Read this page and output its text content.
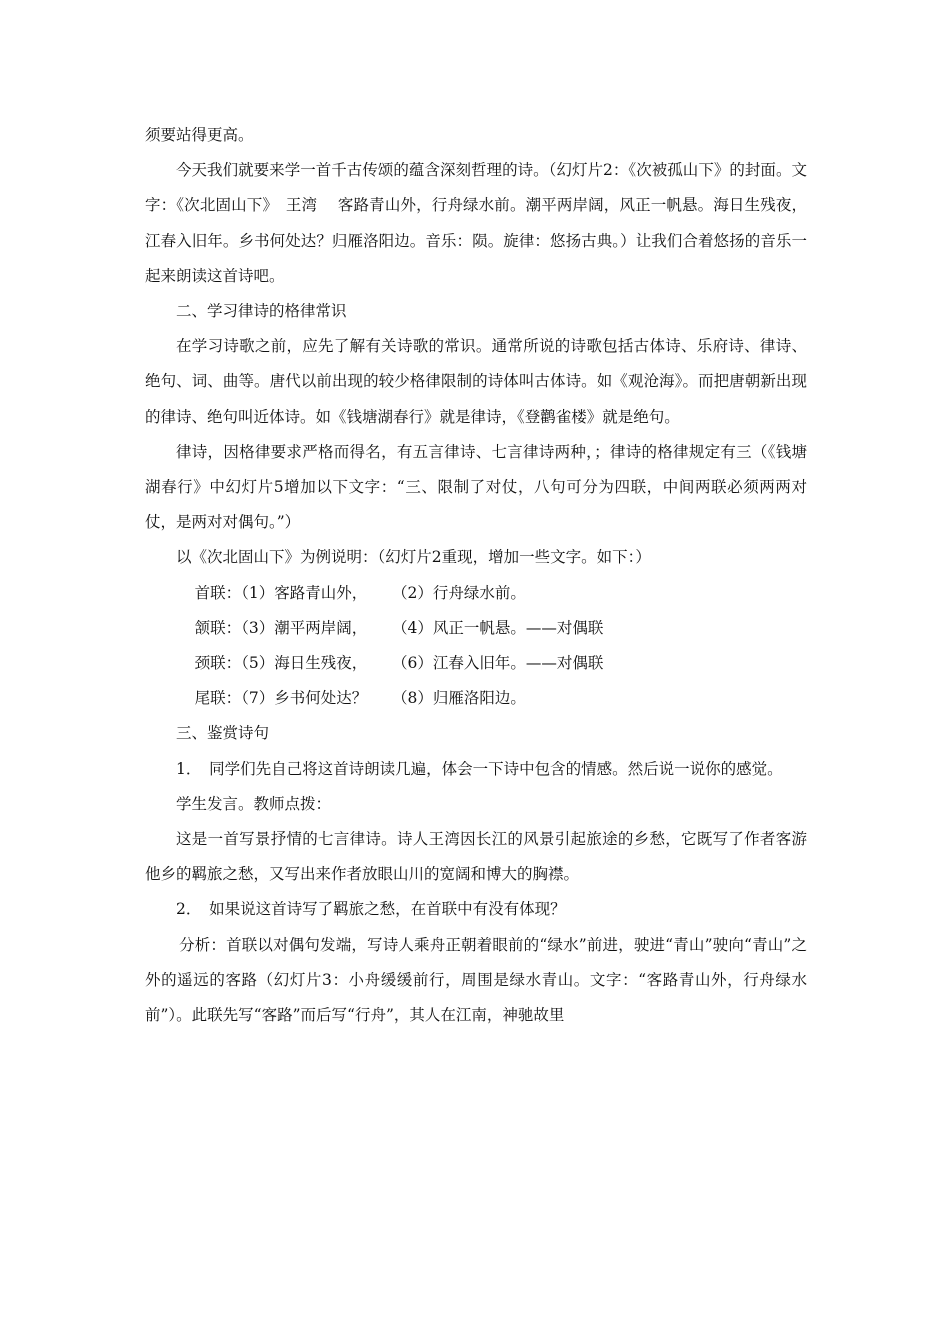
须要站得更高。

今天我们就要来学一首千古传颂的蕴含深刻哲理的诗。（幻灯片2：《次被孤山下》的封面。文字：《次北固山下》　王湾　 客路青山外，行舟绿水前。潮平两岸阔，风正一帆悬。海日生残夜，江春入旧年。乡书何处达？归雁洛阳边。音乐：陨。旋律：悠扬古典。）让我们合着悠扬的音乐一起来朗读这首诗吧。

二、学习律诗的格律常识

在学习诗歌之前，应先了解有关诗歌的常识。通常所说的诗歌包括古体诗、乐府诗、律诗、绝句、词、曲等。唐代以前出现的较少格律限制的诗体叫古体诗。如《观沧海》。而把唐朝新出现的律诗、绝句叫近体诗。如《钱塘湖春行》就是律诗，《登鹳雀楼》就是绝句。

律诗，因格律要求严格而得名，有五言律诗、七言律诗两种，；律诗的格律规定有三（《钱塘湖春行》中幻灯片5增加以下文字：“三、限制了对仗，八句可分为四联，中间两联必须两两对仗，是两对对偶句。”）

以《次北固山下》为例说明：（幻灯片2重现，增加一些文字。如下：）

首联：（1）客路青山外， （2）行舟绿水前。
颔联：（3）潮平两岸阔， （4）风正一帆悬。——对偶联
颈联：（5）海日生残夜， （6）江春入旧年。——对偶联
尾联：（7）乡书何处达？ （8）归雁洛阳边。

三、鉴赏诗句

1．　同学们先自己将这首诗朗读几遍，体会一下诗中包含的情感。然后说一说你的感觉。

学生发言。教师点拨：

这是一首写景抒情的七言律诗。诗人王湾因长江的风景引起旅途的乡愁，它既写了作者客游他乡的羁旅之愁，又写出来作者放眼山川的宽阔和博大的胸襟。

2．　如果说这首诗写了羁旅之愁，在首联中有没有体现？

分析：首联以对偶句发端，写诗人乘舟正朝着眼前的“绿水”前进，驶进“青山”驶向“青山”之外的遥远的客路（幻灯片3：小舟缓缓前行，周围是绿水青山。文字：“客路青山外，行舟绿水前”）。此联先写“客路”而后写“行舟”，其人在江南，神驰故里
